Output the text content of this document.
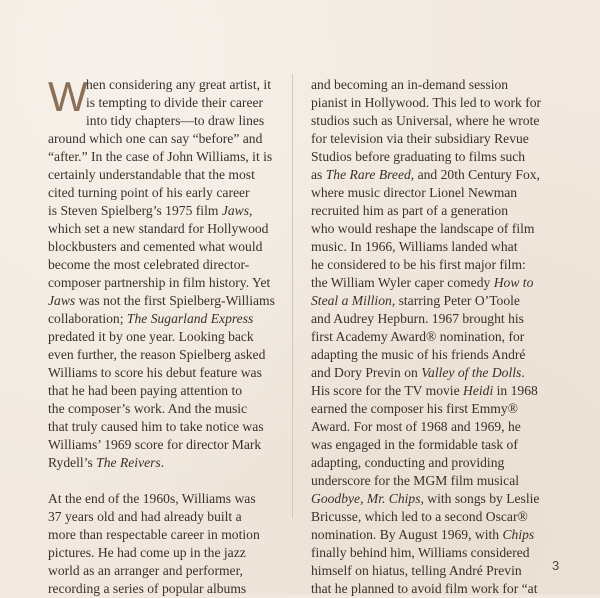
W
hen considering any great artist, it
is tempting to divide their career
into tidy chapters—to draw lines
around which one can say “before” and
“after.” In the case of John Williams, it is
certainly understandable that the most
cited turning point of his early career
is Steven Spielberg’s 1975 film Jaws,
which set a new standard for Hollywood
blockbusters and cemented what would
become the most celebrated director-
composer partnership in film history. Yet
Jaws was not the first Spielberg-Williams
collaboration; The Sugarland Express
predated it by one year. Looking back
even further, the reason Spielberg asked
Williams to score his debut feature was
that he had been paying attention to
the composer’s work. And the music
that truly caused him to take notice was
Williams’ 1969 score for director Mark
Rydell’s The Reivers.
At the end of the 1960s, Williams was
37 years old and had already built a
more than respectable career in motion
pictures. He had come up in the jazz
world as an arranger and performer,
recording a series of popular albums
and becoming an in-demand session
pianist in Hollywood. This led to work for
studios such as Universal, where he wrote
for television via their subsidiary Revue
Studios before graduating to films such
as The Rare Breed, and 20th Century Fox,
where music director Lionel Newman
recruited him as part of a generation
who would reshape the landscape of film
music. In 1966, Williams landed what
he considered to be his first major film:
the William Wyler caper comedy How to
Steal a Million, starring Peter O’Toole
and Audrey Hepburn. 1967 brought his
first Academy Award® nomination, for
adapting the music of his friends André
and Dory Previn on Valley of the Dolls.
His score for the TV movie Heidi in 1968
earned the composer his first Emmy®
Award. For most of 1968 and 1969, he
was engaged in the formidable task of
adapting, conducting and providing
underscore for the MGM film musical
Goodbye, Mr. Chips, with songs by Leslie
Bricusse, which led to a second Oscar®
nomination. By August 1969, with Chips
finally behind him, Williams considered
himself on hiatus, telling André Previn
that he planned to avoid film work for “at
3
